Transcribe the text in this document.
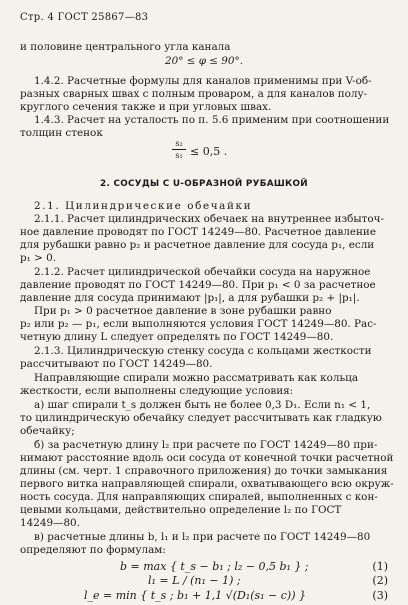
Стр. 4 ГОСТ 25867—83
и половине центрального угла канала
20° ≤ φ ≤ 90°.
1.4.2. Расчетные формулы для каналов применимы при V-об-
разных сварных швах с полным проваром, а для каналов полу-
круглого сечения также и при угловых швах.
1.4.3. Расчет на усталость по п. 5.6 применим при соотношении
толщин стенок
s₂
s₁ ≤ 0,5 .
2. СОСУДЫ С U-ОБРАЗНОЙ РУБАШКОЙ
2.1. Цилиндрические обечайки
2.1.1. Расчет цилиндрических обечаек на внутреннее избыточ-
ное давление проводят по ГОСТ 14249—80. Расчетное давление
для рубашки равно p₂ и расчетное давление для сосуда p₁, если
p₁ > 0.
2.1.2. Расчет цилиндрической обечайки сосуда на наружное
давление проводят по ГОСТ 14249—80. При p₁ < 0 за расчетное
давление для сосуда принимают |p₁|, а для рубашки p₂ + |p₁|.
При p₁ > 0 расчетное давление в зоне рубашки равно
p₂ или p₂ — p₁, если выполняются условия ГОСТ 14249—80. Рас-
четную длину L следует определять по ГОСТ 14249—80.
2.1.3. Цилиндрическую стенку сосуда с кольцами жесткости
рассчитывают по ГОСТ 14249—80.
Направляющие спирали можно рассматривать как кольца
жесткости, если выполнены следующие условия:
а) шаг спирали t_s должен быть не более 0,3 D₁. Если n₁ < 1,
то цилиндрическую обечайку следует рассчитывать как гладкую
обечайку;
б) за расчетную длину l₂ при расчете по ГОСТ 14249—80 при-
нимают расстояние вдоль оси сосуда от конечной точки расчетной
длины (см. черт. 1 справочного приложения) до точки замыкания
первого витка направляющей спирали, охватывающего всю окруж-
ность сосуда. Для направляющих спиралей, выполненных с кон-
цевыми кольцами, действительно определение l₂ по ГОСТ
14249—80.
в) расчетные длины b, l₁ и l₂ при расчете по ГОСТ 14249—80
определяют по формулам:
b = max { t_s − b₁ ; l₂ − 0,5 b₁ } ;	(1)
l₁ = L / (n₁ − 1) ;	(2)
l_e = min { t_s ; b₁ + 1,1 √(D₁(s₁ − c)) }	(3)
